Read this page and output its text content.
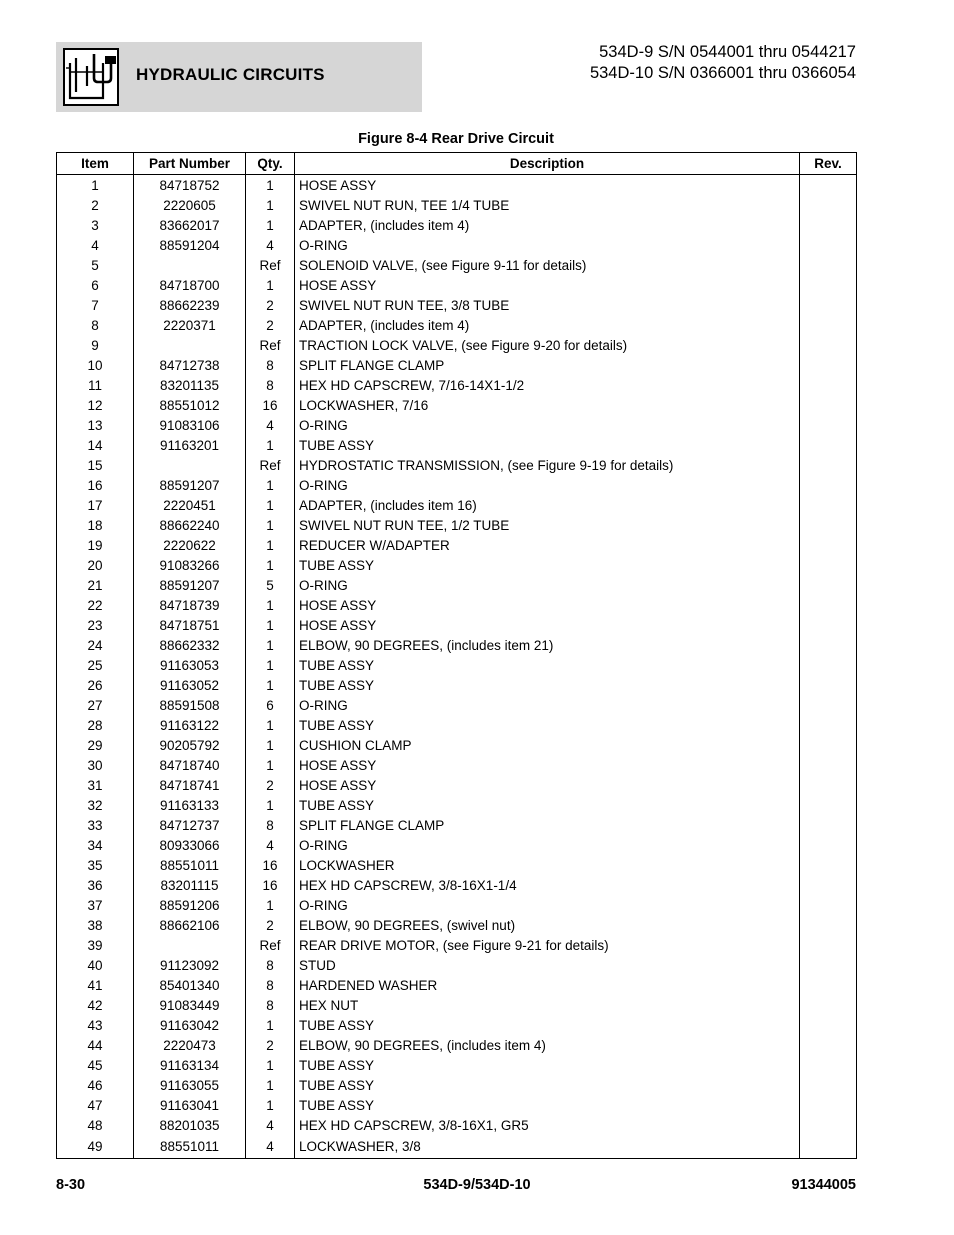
HYDRAULIC CIRCUITS
534D-9 S/N 0544001 thru 0544217
534D-10 S/N 0366001 thru 0366054
Figure 8-4 Rear Drive Circuit
Item	Part Number	Qty.	Description	Rev.
1	84718752	1	HOSE ASSY	
2	2220605	1	SWIVEL NUT RUN, TEE 1/4 TUBE	
3	83662017	1	ADAPTER, (includes item 4)	
4	88591204	4	O-RING	
5		Ref	SOLENOID VALVE, (see Figure 9-11 for details)	
6	84718700	1	HOSE ASSY	
7	88662239	2	SWIVEL NUT RUN TEE, 3/8 TUBE	
8	2220371	2	ADAPTER, (includes item 4)	
9		Ref	TRACTION LOCK VALVE, (see Figure 9-20 for details)	
10	84712738	8	SPLIT FLANGE CLAMP	
11	83201135	8	HEX HD CAPSCREW, 7/16-14X1-1/2	
12	88551012	16	LOCKWASHER, 7/16	
13	91083106	4	O-RING	
14	91163201	1	TUBE ASSY	
15		Ref	HYDROSTATIC TRANSMISSION, (see Figure 9-19 for details)	
16	88591207	1	O-RING	
17	2220451	1	ADAPTER, (includes item 16)	
18	88662240	1	SWIVEL NUT RUN TEE, 1/2 TUBE	
19	2220622	1	REDUCER W/ADAPTER	
20	91083266	1	TUBE ASSY	
21	88591207	5	O-RING	
22	84718739	1	HOSE ASSY	
23	84718751	1	HOSE ASSY	
24	88662332	1	ELBOW, 90 DEGREES, (includes item 21)	
25	91163053	1	TUBE ASSY	
26	91163052	1	TUBE ASSY	
27	88591508	6	O-RING	
28	91163122	1	TUBE ASSY	
29	90205792	1	CUSHION CLAMP	
30	84718740	1	HOSE ASSY	
31	84718741	2	HOSE ASSY	
32	91163133	1	TUBE ASSY	
33	84712737	8	SPLIT FLANGE CLAMP	
34	80933066	4	O-RING	
35	88551011	16	LOCKWASHER	
36	83201115	16	HEX HD CAPSCREW, 3/8-16X1-1/4	
37	88591206	1	O-RING	
38	88662106	2	ELBOW, 90 DEGREES, (swivel nut)	
39		Ref	REAR DRIVE MOTOR, (see Figure 9-21 for details)	
40	91123092	8	STUD	
41	85401340	8	HARDENED WASHER	
42	91083449	8	HEX NUT	
43	91163042	1	TUBE ASSY	
44	2220473	2	ELBOW, 90 DEGREES, (includes item 4)	
45	91163134	1	TUBE ASSY	
46	91163055	1	TUBE ASSY	
47	91163041	1	TUBE ASSY	
48	88201035	4	HEX HD CAPSCREW, 3/8-16X1, GR5	
49	88551011	4	LOCKWASHER, 3/8	
8-30	534D-9/534D-10	91344005
